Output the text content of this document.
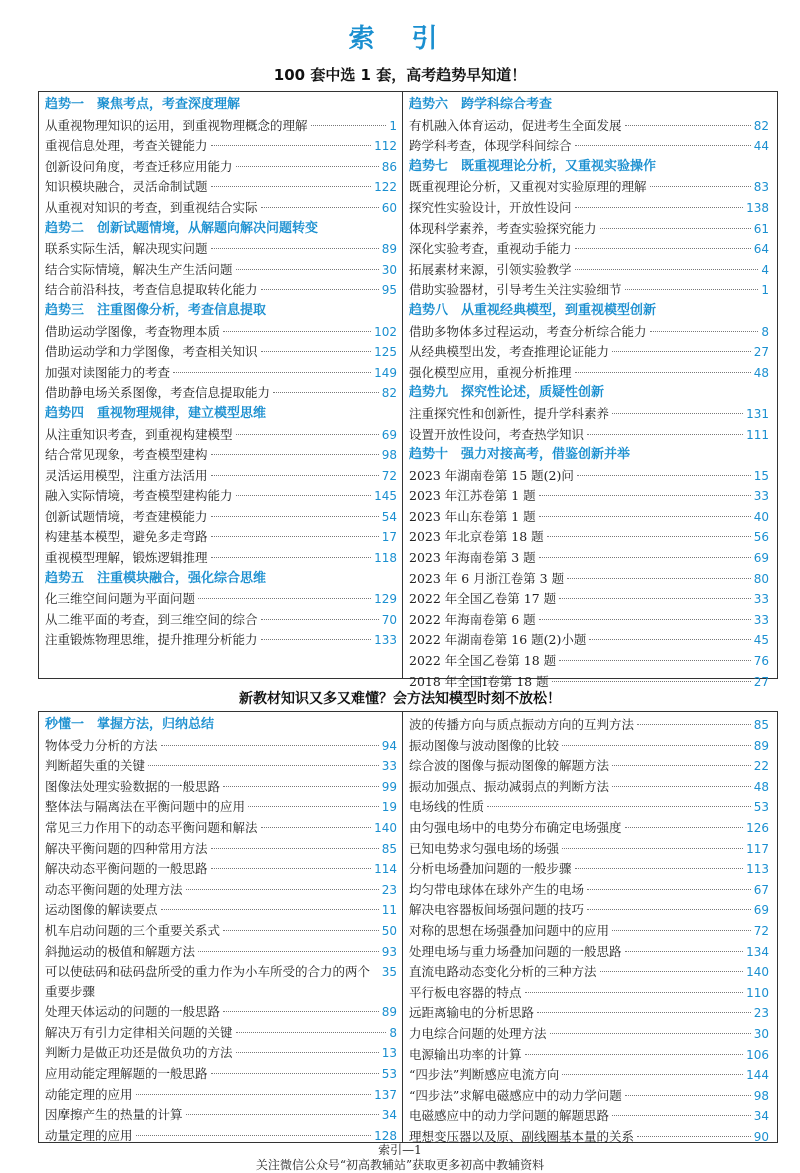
索 引
100 套中选 1 套，高考趋势早知道！
趋势一　聚焦考点，考查深度理解
从重视物理知识的运用，到重视物理概念的理解	1
重视信息处理，考查关键能力	112
创新设问角度，考查迁移应用能力	86
知识模块融合，灵活命制试题	122
从重视对知识的考查，到重视结合实际	60
趋势二　创新试题情境，从解题向解决问题转变
联系实际生活，解决现实问题	89
结合实际情境，解决生产生活问题	30
结合前沿科技，考查信息提取转化能力	95
趋势三　注重图像分析，考查信息提取
借助运动学图像，考查物理本质	102
借助运动学和力学图像，考查相关知识	125
加强对读图能力的考查	149
借助静电场关系图像，考查信息提取能力	82
趋势四　重视物理规律，建立模型思维
从注重知识考查，到重视构建模型	69
结合常见现象，考查模型建构	98
灵活运用模型，注重方法活用	72
融入实际情境，考查模型建构能力	145
创新试题情境，考查建模能力	54
构建基本模型，避免多走弯路	17
重视模型理解，锻炼逻辑推理	118
趋势五　注重模块融合，强化综合思维
化三维空间问题为平面问题	129
从二维平面的考查，到三维空间的综合	70
注重锻炼物理思维，提升推理分析能力	133
趋势六　跨学科综合考查
有机融入体育运动，促进考生全面发展	82
跨学科考查，体现学科间综合	44
趋势七　既重视理论分析，又重视实验操作
既重视理论分析，又重视对实验原理的理解	83
探究性实验设计，开放性设问	138
体现科学素养，考查实验探究能力	61
深化实验考查，重视动手能力	64
拓展素材来源，引领实验教学	4
借助实验器材，引导考生关注实验细节	1
趋势八　从重视经典模型，到重视模型创新
借助多物体多过程运动，考查分析综合能力	8
从经典模型出发，考查推理论证能力	27
强化模型应用，重视分析推理	48
趋势九　探究性论述，质疑性创新
注重探究性和创新性，提升学科素养	131
设置开放性设问，考查热学知识	111
趋势十　强力对接高考，借鉴创新并举
2023 年湖南卷第 15 题(2)问	15
2023 年江苏卷第 1 题	33
2023 年山东卷第 1 题	40
2023 年北京卷第 18 题	56
2023 年海南卷第 3 题	69
2023 年 6 月浙江卷第 3 题	80
2022 年全国乙卷第 17 题	33
2022 年海南卷第 6 题	33
2022 年湖南卷第 16 题(2)小题	45
2022 年全国乙卷第 18 题	76
2018 年全国Ⅰ卷第 18 题	27
新教材知识又多又难懂？会方法知模型时刻不放松！
秒懂一　掌握方法，归纳总结
物体受力分析的方法	94
判断超失重的关键	33
图像法处理实验数据的一般思路	99
整体法与隔离法在平衡问题中的应用	19
常见三力作用下的动态平衡问题和解法	140
解决平衡问题的四种常用方法	85
解决动态平衡问题的一般思路	114
动态平衡问题的处理方法	23
运动图像的解读要点	11
机车启动问题的三个重要关系式	50
斜抛运动的极值和解题方法	93
可以使砝码和砝码盘所受的重力作为小车所受的合力的两个重要步骤
35
处理天体运动的问题的一般思路	89
解决万有引力定律相关问题的关键	8
判断力是做正功还是做负功的方法	13
应用动能定理解题的一般思路	53
动能定理的应用	137
因摩擦产生的热量的计算	34
动量定理的应用	128
波的传播方向与质点振动方向的互判方法	85
振动图像与波动图像的比较	89
综合波的图像与振动图像的解题方法	22
振动加强点、振动减弱点的判断方法	48
电场线的性质	53
由匀强电场中的电势分布确定电场强度	126
已知电势求匀强电场的场强	117
分析电场叠加问题的一般步骤	113
均匀带电球体在球外产生的电场	67
解决电容器板间场强问题的技巧	69
对称的思想在场强叠加问题中的应用	72
处理电场与重力场叠加问题的一般思路	134
直流电路动态变化分析的三种方法	140
平行板电容器的特点	110
远距离输电的分析思路	23
力电综合问题的处理方法	30
电源输出功率的计算	106
“四步法”判断感应电流方向	144
“四步法”求解电磁感应中的动力学问题	98
电磁感应中的动力学问题的解题思路	34
理想变压器以及原、副线圈基本量的关系	90
索引—1
关注微信公众号“初高教辅站”获取更多初高中教辅资料
